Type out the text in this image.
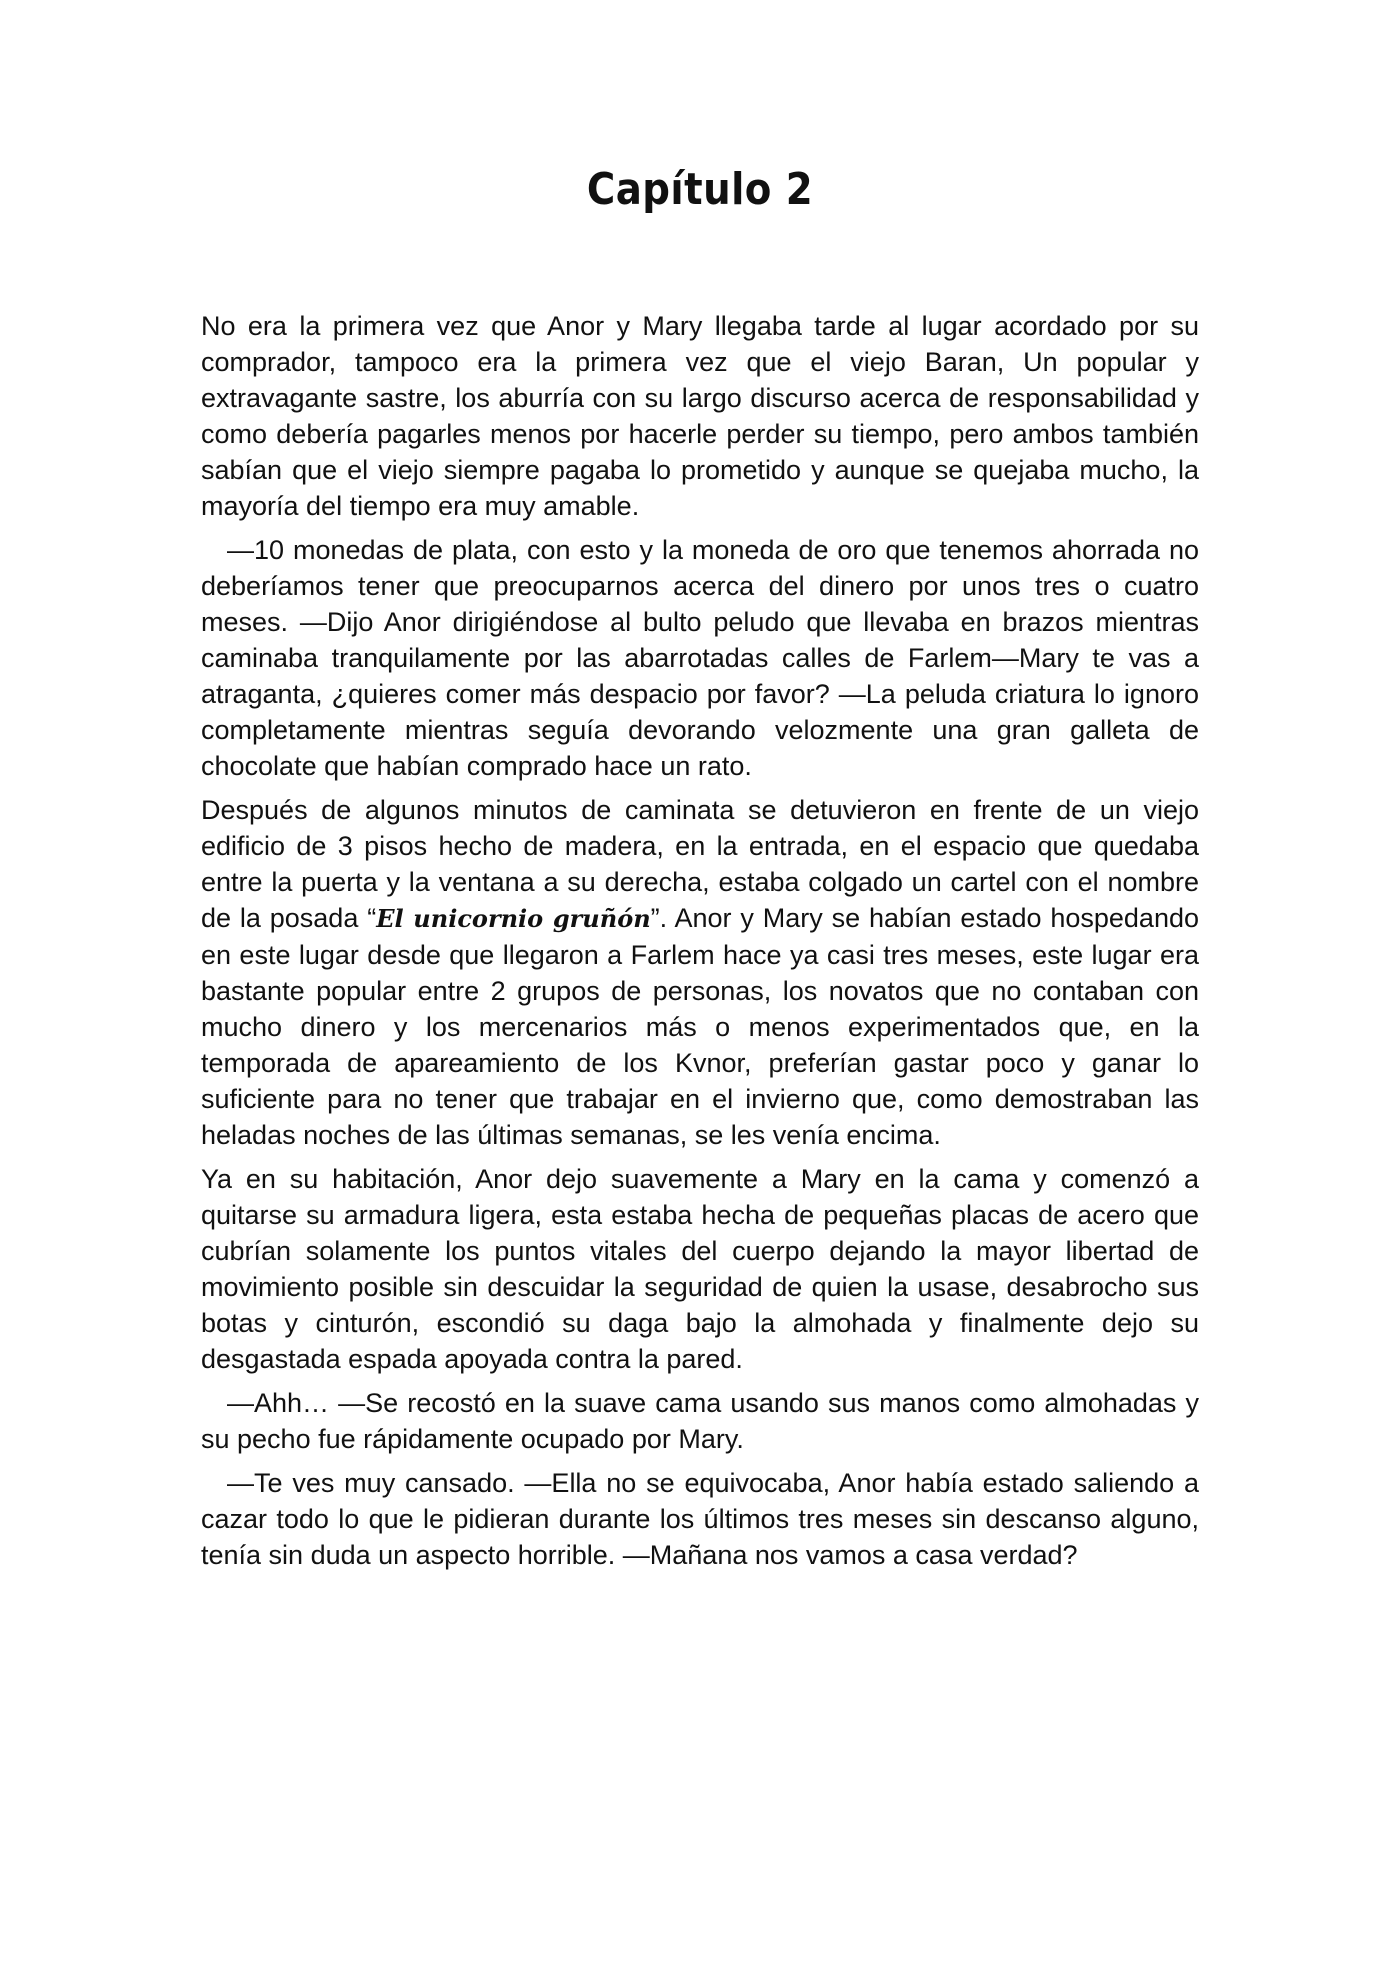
Capítulo 2

No era la primera vez que Anor y Mary llegaba tarde al lugar acordado por su comprador, tampoco era la primera vez que el viejo Baran, Un popular y extravagante sastre, los aburría con su largo discurso acerca de responsabilidad y como debería pagarles menos por hacerle perder su tiempo, pero ambos también sabían que el viejo siempre pagaba lo prometido y aunque se quejaba mucho, la mayoría del tiempo era muy amable.

—10 monedas de plata, con esto y la moneda de oro que tenemos ahorrada no deberíamos tener que preocuparnos acerca del dinero por unos tres o cuatro meses. —Dijo Anor dirigiéndose al bulto peludo que llevaba en brazos mientras caminaba tranquilamente por las abarrotadas calles de Farlem—Mary te vas a atraganta, ¿quieres comer más despacio por favor? —La peluda criatura lo ignoro completamente mientras seguía devorando velozmente una gran galleta de chocolate que habían comprado hace un rato.

Después de algunos minutos de caminata se detuvieron en frente de un viejo edificio de 3 pisos hecho de madera, en la entrada, en el espacio que quedaba entre la puerta y la ventana a su derecha, estaba colgado un cartel con el nombre de la posada “El unicornio gruñón”. Anor y Mary se habían estado hospedando en este lugar desde que llegaron a Farlem hace ya casi tres meses, este lugar era bastante popular entre 2 grupos de personas, los novatos que no contaban con mucho dinero y los mercenarios más o menos experimentados que, en la temporada de apareamiento de los Kvnor, preferían gastar poco y ganar lo suficiente para no tener que trabajar en el invierno que, como demostraban las heladas noches de las últimas semanas, se les venía encima.

Ya en su habitación, Anor dejo suavemente a Mary en la cama y comenzó a quitarse su armadura ligera, esta estaba hecha de pequeñas placas de acero que cubrían solamente los puntos vitales del cuerpo dejando la mayor libertad de movimiento posible sin descuidar la seguridad de quien la usase, desabrocho sus botas y cinturón, escondió su daga bajo la almohada y finalmente dejo su desgastada espada apoyada contra la pared.

—Ahh… —Se recostó en la suave cama usando sus manos como almohadas y su pecho fue rápidamente ocupado por Mary.

—Te ves muy cansado. —Ella no se equivocaba, Anor había estado saliendo a cazar todo lo que le pidieran durante los últimos tres meses sin descanso alguno, tenía sin duda un aspecto horrible. —Mañana nos vamos a casa verdad?
